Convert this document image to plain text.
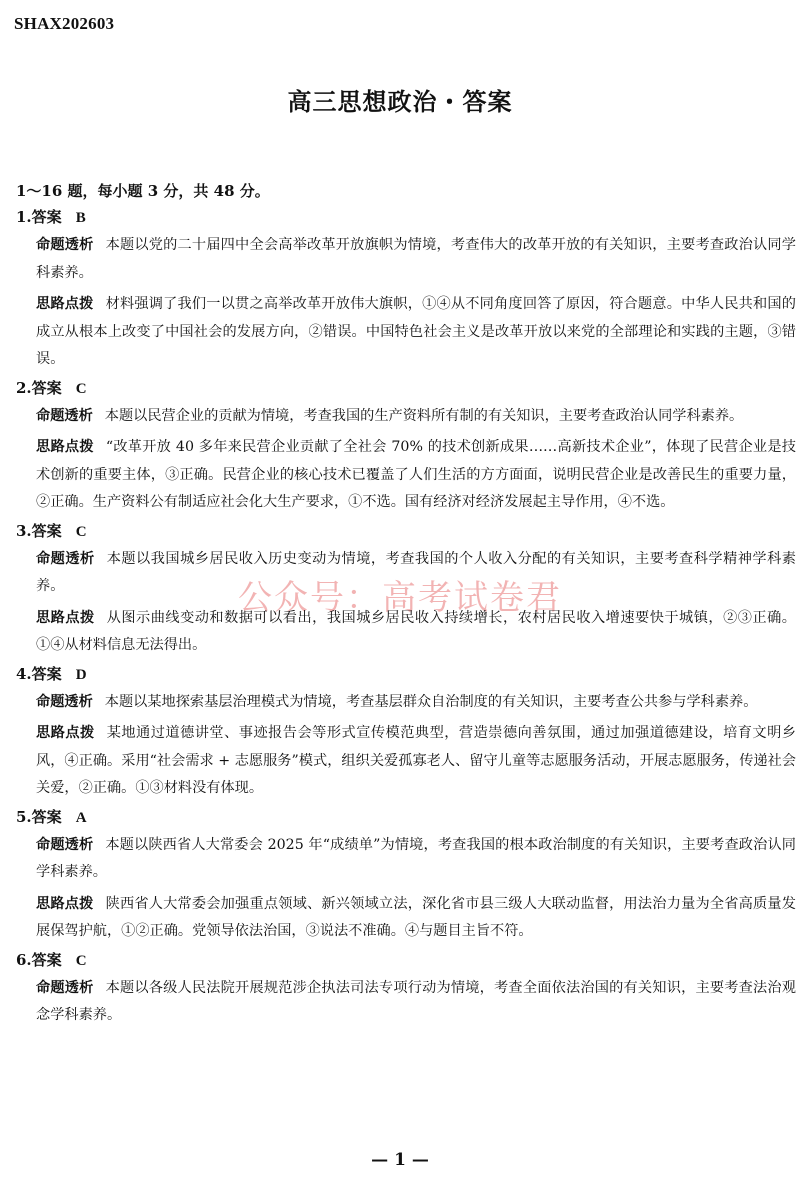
SHAX202603
高三思想政治・答案
1～16 题，每小题 3 分，共 48 分。
公众号：高考试卷君
1.答案 B
命题透析 本题以党的二十届四中全会高举改革开放旗帜为情境，考查伟大的改革开放的有关知识，主要考查政治认同学科素养。
思路点拨 材料强调了我们一以贯之高举改革开放伟大旗帜，①④从不同角度回答了原因，符合题意。中华人民共和国的成立从根本上改变了中国社会的发展方向，②错误。中国特色社会主义是改革开放以来党的全部理论和实践的主题，③错误。
2.答案 C
命题透析 本题以民营企业的贡献为情境，考查我国的生产资料所有制的有关知识，主要考查政治认同学科素养。
思路点拨 “改革开放 40 多年来民营企业贡献了全社会 70% 的技术创新成果……高新技术企业”，体现了民营企业是技术创新的重要主体，③正确。民营企业的核心技术已覆盖了人们生活的方方面面，说明民营企业是改善民生的重要力量，②正确。生产资料公有制适应社会化大生产要求，①不选。国有经济对经济发展起主导作用，④不选。
3.答案 C
命题透析 本题以我国城乡居民收入历史变动为情境，考查我国的个人收入分配的有关知识，主要考查科学精神学科素养。
思路点拨 从图示曲线变动和数据可以看出，我国城乡居民收入持续增长，农村居民收入增速要快于城镇，②③正确。①④从材料信息无法得出。
4.答案 D
命题透析 本题以某地探索基层治理模式为情境，考查基层群众自治制度的有关知识，主要考查公共参与学科素养。
思路点拨 某地通过道德讲堂、事迹报告会等形式宣传模范典型，营造崇德向善氛围，通过加强道德建设，培育文明乡风，④正确。采用“社会需求 + 志愿服务”模式，组织关爱孤寡老人、留守儿童等志愿服务活动，开展志愿服务，传递社会关爱，②正确。①③材料没有体现。
5.答案 A
命题透析 本题以陕西省人大常委会 2025 年“成绩单”为情境，考查我国的根本政治制度的有关知识，主要考查政治认同学科素养。
思路点拨 陕西省人大常委会加强重点领域、新兴领域立法，深化省市县三级人大联动监督，用法治力量为全省高质量发展保驾护航，①②正确。党领导依法治国，③说法不准确。④与题目主旨不符。
6.答案 C
命题透析 本题以各级人民法院开展规范涉企执法司法专项行动为情境，考查全面依法治国的有关知识，主要考查法治观念学科素养。
— 1 —
